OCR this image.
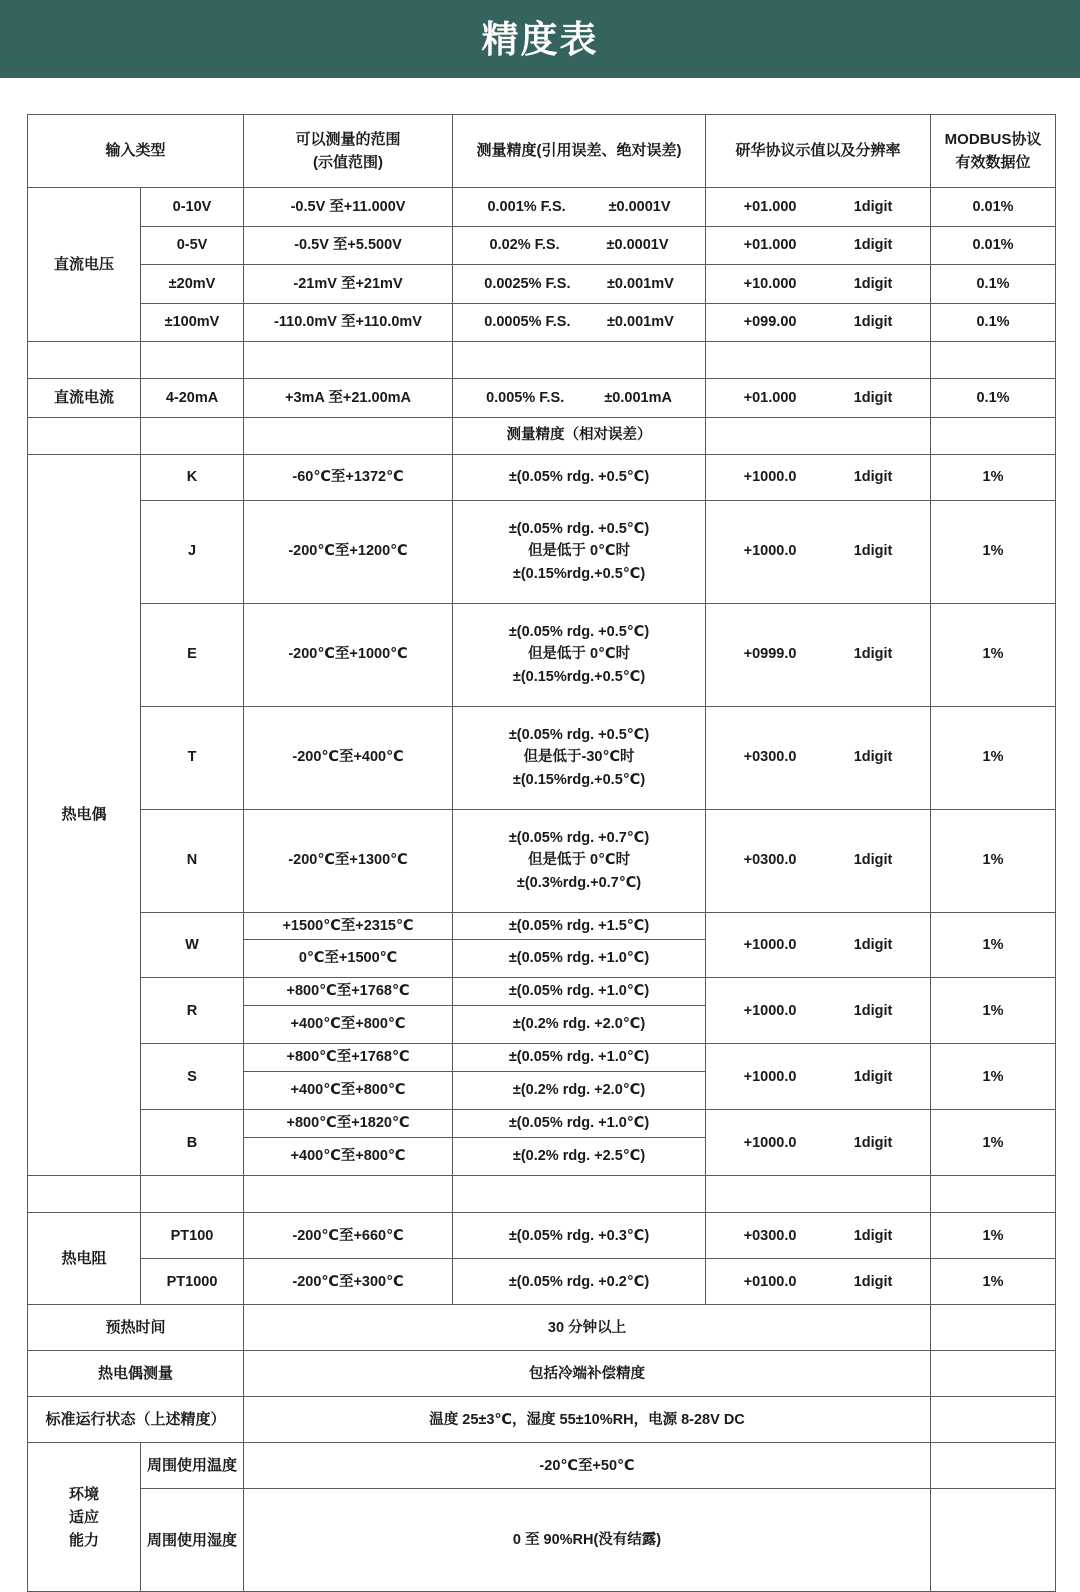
精度表
输入类型		可以测量的范围
(示值范围)	测量精度(引用误差、绝对误差)	研华协议示值以及分辨率	MODBUS协议
有效数据位

直流电压	0-10V	-0.5V 至+11.000V	0.001% F.S. ±0.0001V	+01.000 1digit	0.01%
	0-5V	-0.5V 至+5.500V	0.02% F.S. ±0.0001V	+01.000 1digit	0.01%
	±20mV	-21mV 至+21mV	0.0025% F.S. ±0.001mV	+10.000 1digit	0.1%
	±100mV	-110.0mV 至+110.0mV	0.0005% F.S. ±0.001mV	+099.00 1digit	0.1%

直流电流	4-20mA	+3mA 至+21.00mA	0.005% F.S. ±0.001mA	+01.000 1digit	0.1%
			测量精度（相对误差）		
热电偶	K	-60℃至+1372℃	±(0.05% rdg. +0.5℃)	+1000.0 1digit	1%
	J	-200℃至+1200℃	±(0.05% rdg. +0.5℃)
但是低于 0℃时
±(0.15%rdg.+0.5℃)	+1000.0 1digit	1%
	E	-200℃至+1000℃	±(0.05% rdg. +0.5℃)
但是低于 0℃时
±(0.15%rdg.+0.5℃)	+0999.0 1digit	1%
	T	-200℃至+400℃	±(0.05% rdg. +0.5℃)
但是低于-30℃时
±(0.15%rdg.+0.5℃)	+0300.0 1digit	1%
	N	-200℃至+1300℃	±(0.05% rdg. +0.7℃)
但是低于 0℃时
±(0.3%rdg.+0.7℃)	+0300.0 1digit	1%
	W	+1500℃至+2315℃	±(0.05% rdg. +1.5℃)	+1000.0 1digit	1%
		0℃至+1500℃	±(0.05% rdg. +1.0℃)		
	R	+800℃至+1768℃	±(0.05% rdg. +1.0℃)	+1000.0 1digit	1%
		+400℃至+800℃	±(0.2% rdg. +2.0℃)		
	S	+800℃至+1768℃	±(0.05% rdg. +1.0℃)	+1000.0 1digit	1%
		+400℃至+800℃	±(0.2% rdg. +2.0℃)		
	B	+800℃至+1820℃	±(0.05% rdg. +1.0℃)	+1000.0 1digit	1%
		+400℃至+800℃	±(0.2% rdg. +2.5℃)		

热电阻	PT100	-200℃至+660℃	±(0.05% rdg. +0.3℃)	+0300.0 1digit	1%
	PT1000	-200℃至+300℃	±(0.05% rdg. +0.2℃)	+0100.0 1digit	1%
预热时间		30 分钟以上			
热电偶测量		包括冷端补偿精度			
标准运行状态（上述精度）		温度 25±3℃，湿度 55±10%RH，电源 8-28V DC			

环境
适应
能力	周围使用温度	-20℃至+50℃			
	周围使用湿度	0 至 90%RH(没有结露)			
